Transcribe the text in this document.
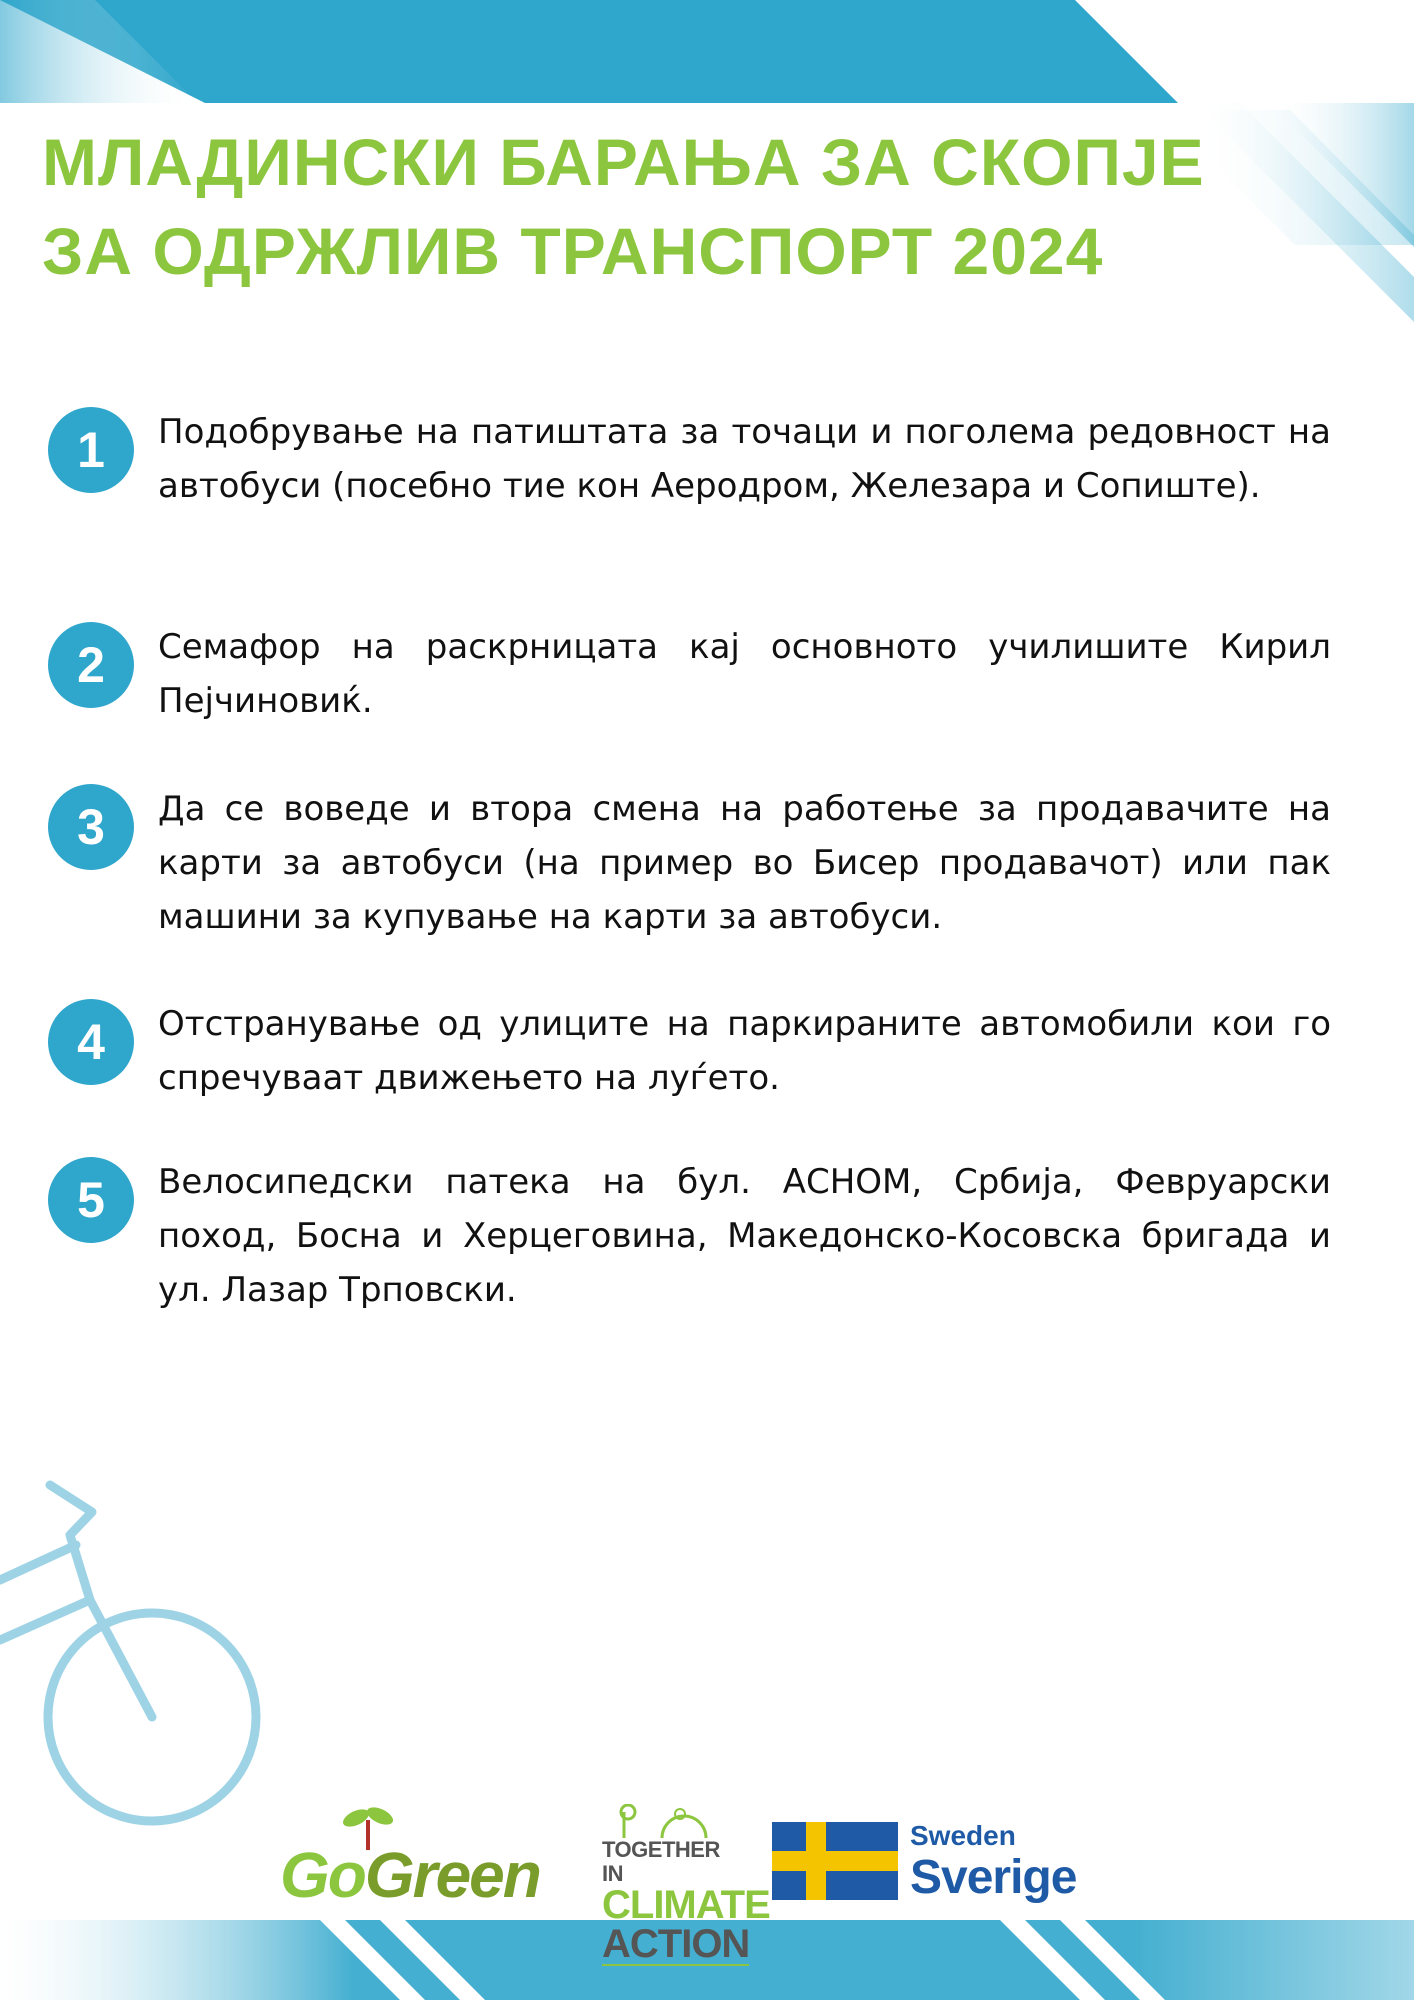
МЛАДИНСКИ БАРАЊА ЗА СКОПЈЕ
ЗА ОДРЖЛИВ ТРАНСПОРТ 2024
1	Подобрување на патиштата за точаци и поголема редовност на автобуси (посебно тие кон Аеродром, Железара и Сопиште).

2	Семафор на раскрницата кај основното училишите Кирил Пејчиновиќ.

3	Да се воведе и втора смена на работење за продавачите на карти за автобуси (на пример во Бисер продавачот) или пак машини за купување на карти за автобуси.

4	Отстранување од улиците на паркираните автомобили кои го спречуваат движењето на луѓето.

5	Велосипедски патека на бул. АСНОМ, Србија, Февруарски поход, Босна и Херцеговина, Македонско-Косовска бригада и ул. Лазар Трповски.

GoGreen	TOGETHER IN
CLIMATE
ACTION
Sweden
Sverige
